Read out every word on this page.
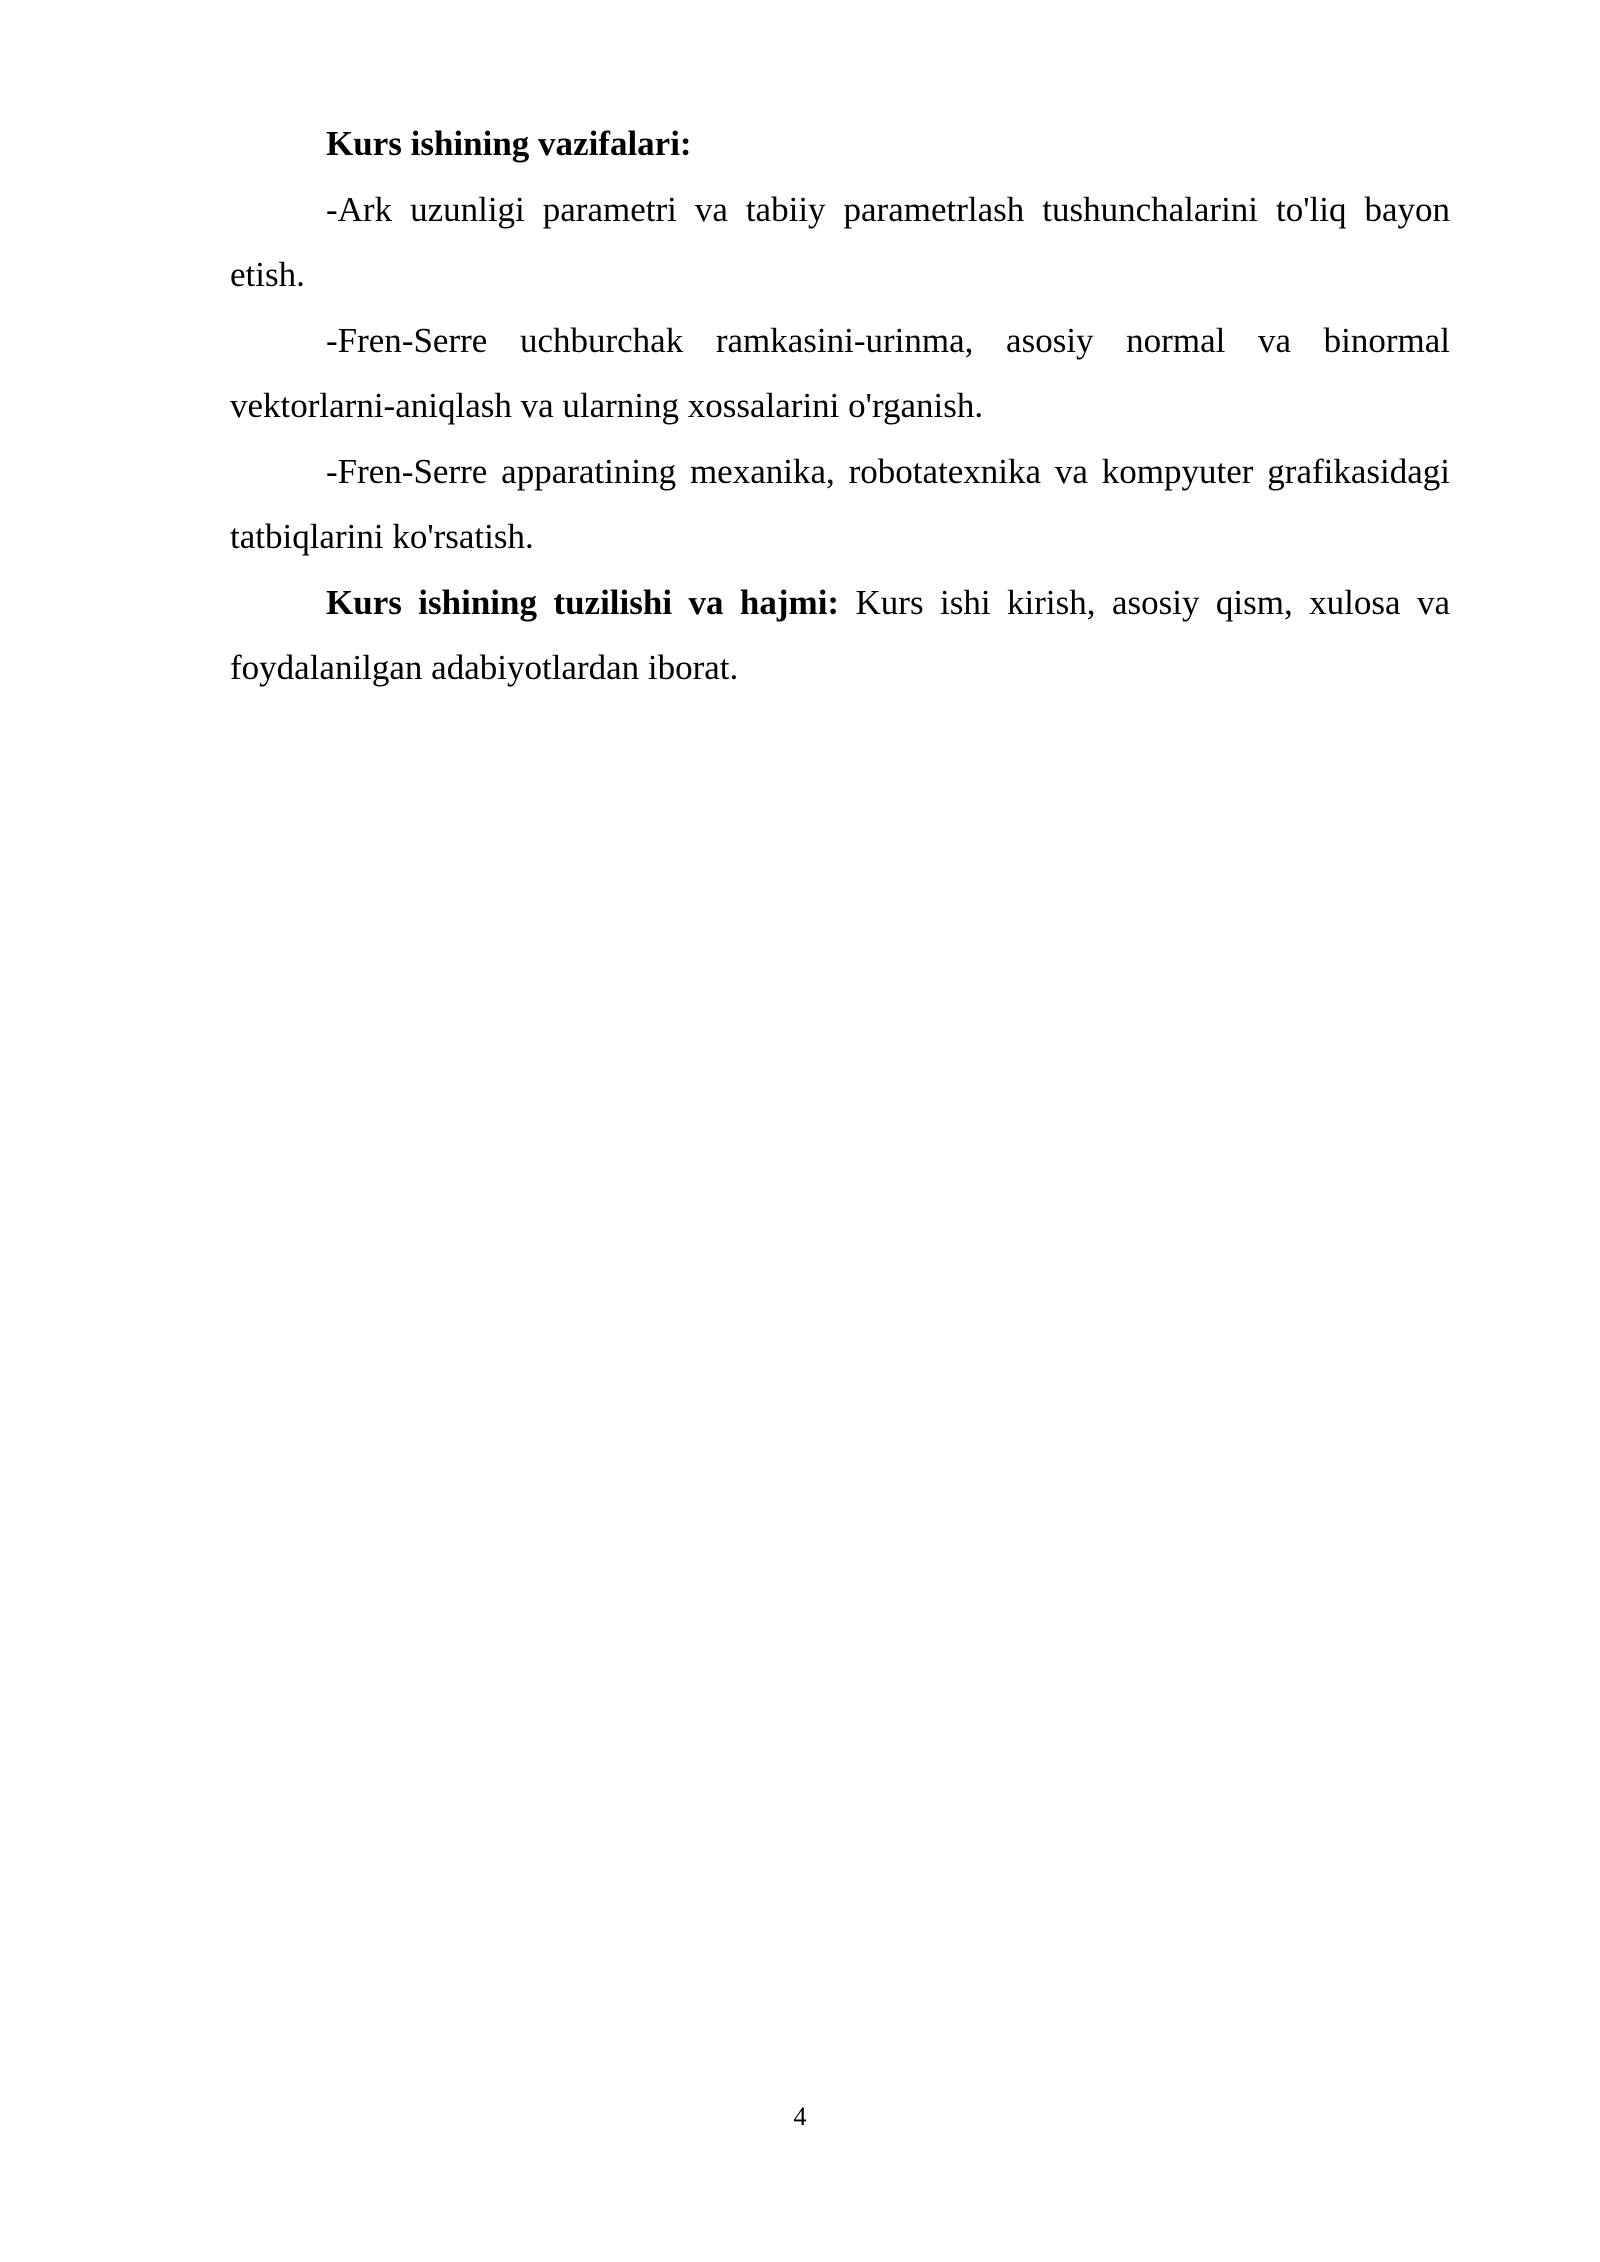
Kurs ishining vazifalari:

-Ark uzunligi parametri va tabiiy parametrlash tushunchalarini to'liq bayon etish.

-Fren-Serre uchburchak ramkasini-urinma, asosiy normal va binormal vektorlarni-aniqlash va ularning xossalarini o'rganish.

-Fren-Serre apparatining mexanika, robotatexnika va kompyuter grafikasidagi tatbiqlarini ko'rsatish.

Kurs ishining tuzilishi va hajmi: Kurs ishi kirish, asosiy qism, xulosa va foydalanilgan adabiyotlardan iborat.

4
